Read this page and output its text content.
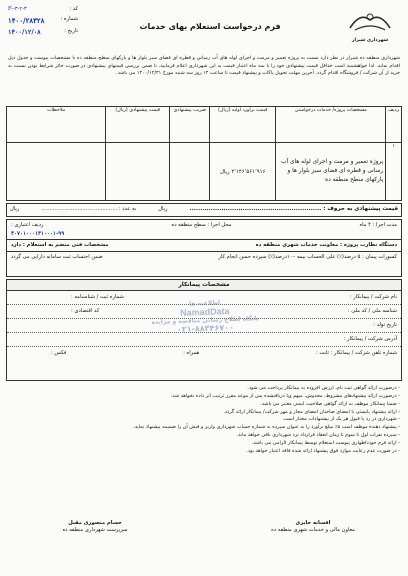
کد :
F--۳-۲-۳
شماره :
۱۴۰۰/۲۸۳۲۸
تاریخ :
۱۴۰۰/۱۲/۰۸
فرم درخواست استعلام بهای خدمات
شهرداری شیراز
شهرداری منطقه ده شیراز در نظر دارد نسبت به پروژه تعمیر و مرمت و اجرای لوله های آب رسانی و قطره ای فضای سبز بلوار ها و پارکهای سطح منطقه ده با مشخصات پیوست و جدول ذیل اقدام نماید. لذا خواهشمند است حداقل قیمت پیشنهادی خود را با سه ماه اعتبار قیمت به این شهرداری اعلام فرمایید. تا ضمن بررسی قیمتهای پیشنهادی در صورت حائز شرایط بودن نسبت به خرید از آن شرکت / فروشگاه اقدام گردد. آخرین مهلت تحویل پاکات و پیشنهاد قیمت تا ساعت ۱۴ روز سه شنبه مورخ ۱۴۰۰/۱۲/۳۱ می باشد.
ردیف	مشخصات پروژه/ خدمات درخواستی	قیمت برآورد اولیه (ریال)	ضریب پیشنهادی	قیمت پیشنهادی (ریال)	ملاحظات
۱	پروژه تعمیر و مرمت و اجرای لوله های آب رسانی و قطره ای فضای سبز بلوار ها و پارکهای سطح منطقه ده	۲٬۱۴۶٬۵۶۱٬۹۱۶ ریال			
قیمت پیشنهادی به حروف : ..............................................................
ریال
به عدد : ..............................................
ریال
مدت اجرا : ۴ ماه
محل اجرا : سطح منطقه ده
ردیف اعتباری :
۳۰۷۰۱۰۰۰۱۳۱۰۰۰۱-۹۹
دستگاه نظارت پروژه : معاونت خدمات شهری منطقه ده
مشخصات فنی منضم به استعلام : دارد
کسورات پیمان : ۵ درصد(٪) علی الحساب بیمه –۱۰درصد(٪) سپرده حسن انجام کار
ضمن احتساب ثبت سامانه دارایی می گردد
مشخصات پیمانکار
نام شرکت / پیمانکار :
شماره ثبت / شناسنامه :
شناسه ملی / کد ملی :
کد اقتصادی :
تاریخ تولد :
آدرس شرکت / پیمانکار :
شماره تلفن شرکت / پیمانکار : ثابت :
همراه :
فکس :
اطلاعیه ها
NamadData
پایگاه اطلاع رسانی مناقصه و مزایده
۰۲۱-۸۸۳۴۶۷۰۰
- درصورت ارائه گواهی ثبت نام، ارزش افزوده به پیمانکار پرداخت می شود.
- درصورت ارائه پیشنهادهای مشروط، مخدوش، مبهم ویا دریافتشده پس از موعد مقرر ترتیب اثر داده نخواهد شد.
- ضمنا پیمانکار موظف به ارائه گواهی صلاحیت ایمنی معتبر می باشد.
- ارائه پیشنهاد بایستی با امضای صاحبان امضای مجاز و مهر شرکت/ پیمانکار ارائه گردد.
- شهرداری در رد یا قبول هر یک از پیشنهادات مختار است.
- پیشنهاد دهنده موظف است ۵٪ مبلغ برآورد را به عنوان سپرده به شماره حساب شهرداری واریز و فیش آن را ضمیمه پیشنهاد نماید.
- سپرده نفرات اول تا سوم تا زمان انعقاد قرارداد نزد شهرداری باقی خواهد ماند.
- ارائه فرم خودداظهاری پیوست استعلام توسط پیمانکار الزامی می باشد.
- در صورت عدم رعایت موارد فوق پیشنهاد ارائه شده فاقد اعتبار خواهد بود.
افسانه جابری
معاون مالی و خدمات شهری منطقه ده
حسام منصوری مقبل
سرپرست شهرداری منطقه ده
